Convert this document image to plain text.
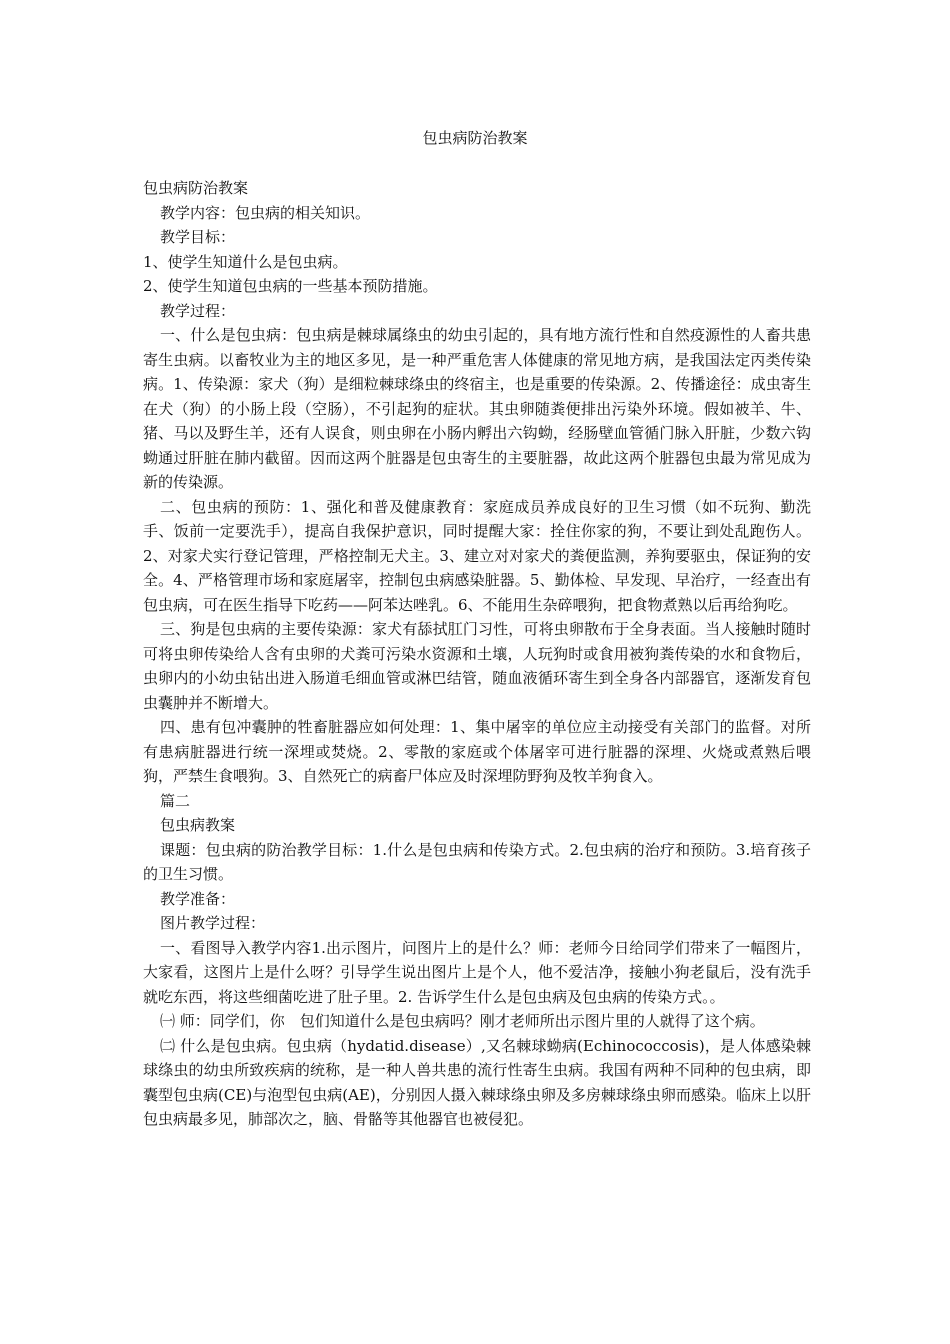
包虫病防治教案

包虫病防治教案

教学内容：包虫病的相关知识。

教学目标：

1、使学生知道什么是包虫病。

2、使学生知道包虫病的一些基本预防措施。

教学过程：

一、什么是包虫病：包虫病是棘球属绦虫的幼虫引起的，具有地方流行性和自然疫源性的人畜共患寄生虫病。以畜牧业为主的地区多见，是一种严重危害人体健康的常见地方病，是我国法定丙类传染病。1、传染源：家犬（狗）是细粒棘球绦虫的终宿主，也是重要的传染源。2、传播途径：成虫寄生在犬（狗）的小肠上段（空肠），不引起狗的症状。其虫卵随粪便排出污染外环境。假如被羊、牛、猪、马以及野生羊，还有人误食，则虫卵在小肠内孵出六钩蚴，经肠壁血管循门脉入肝脏，少数六钩蚴通过肝脏在肺内截留。因而这两个脏器是包虫寄生的主要脏器，故此这两个脏器包虫最为常见成为新的传染源。

二、包虫病的预防：1、强化和普及健康教育：家庭成员养成良好的卫生习惯（如不玩狗、勤洗手、饭前一定要洗手），提高自我保护意识，同时提醒大家：拴住你家的狗，不要让到处乱跑伤人。2、对家犬实行登记管理，严格控制无犬主。3、建立对对家犬的粪便监测，养狗要驱虫，保证狗的安全。4、严格管理市场和家庭屠宰，控制包虫病感染脏器。5、勤体检、早发现、早治疗，一经查出有包虫病，可在医生指导下吃药——阿苯达唑乳。6、不能用生杂碎喂狗，把食物煮熟以后再给狗吃。

三、狗是包虫病的主要传染源：家犬有舔拭肛门习性，可将虫卵散布于全身表面。当人接触时随时可将虫卵传染给人含有虫卵的犬粪可污染水资源和土壤，人玩狗时或食用被狗粪传染的水和食物后，虫卵内的小幼虫钻出进入肠道毛细血管或淋巴结管，随血液循环寄生到全身各内部器官，逐渐发育包虫囊肿并不断增大。

四、患有包冲囊肿的牲畜脏器应如何处理：1、集中屠宰的单位应主动接受有关部门的监督。对所有患病脏器进行统一深埋或焚烧。2、零散的家庭或个体屠宰可进行脏器的深埋、火烧或煮熟后喂狗，严禁生食喂狗。3、自然死亡的病畜尸体应及时深埋防野狗及牧羊狗食入。

篇二

包虫病教案

课题：包虫病的防治教学目标：1.什么是包虫病和传染方式。2.包虫病的治疗和预防。3.培育孩子的卫生习惯。

教学准备：

图片教学过程：

一、看图导入教学内容1.出示图片，问图片上的是什么？师：老师今日给同学们带来了一幅图片，大家看，这图片上是什么呀？引导学生说出图片上是个人，他不爱洁净，接触小狗老鼠后，没有洗手就吃东西，将这些细菌吃进了肚子里。2. 告诉学生什么是包虫病及包虫病的传染方式。。

㈠ 师：同学们，你　包们知道什么是包虫病吗？刚才老师所出示图片里的人就得了这个病。

㈡ 什么是包虫病。包虫病（hydatid.disease）,又名棘球蚴病(Echinococcosis)，是人体感染棘球绦虫的幼虫所致疾病的统称，是一种人兽共患的流行性寄生虫病。我国有两种不同种的包虫病，即囊型包虫病(CE)与泡型包虫病(AE)，分别因人摄入棘球绦虫卵及多房棘球绦虫卵而感染。临床上以肝包虫病最多见，肺部次之，脑、骨骼等其他器官也被侵犯。
